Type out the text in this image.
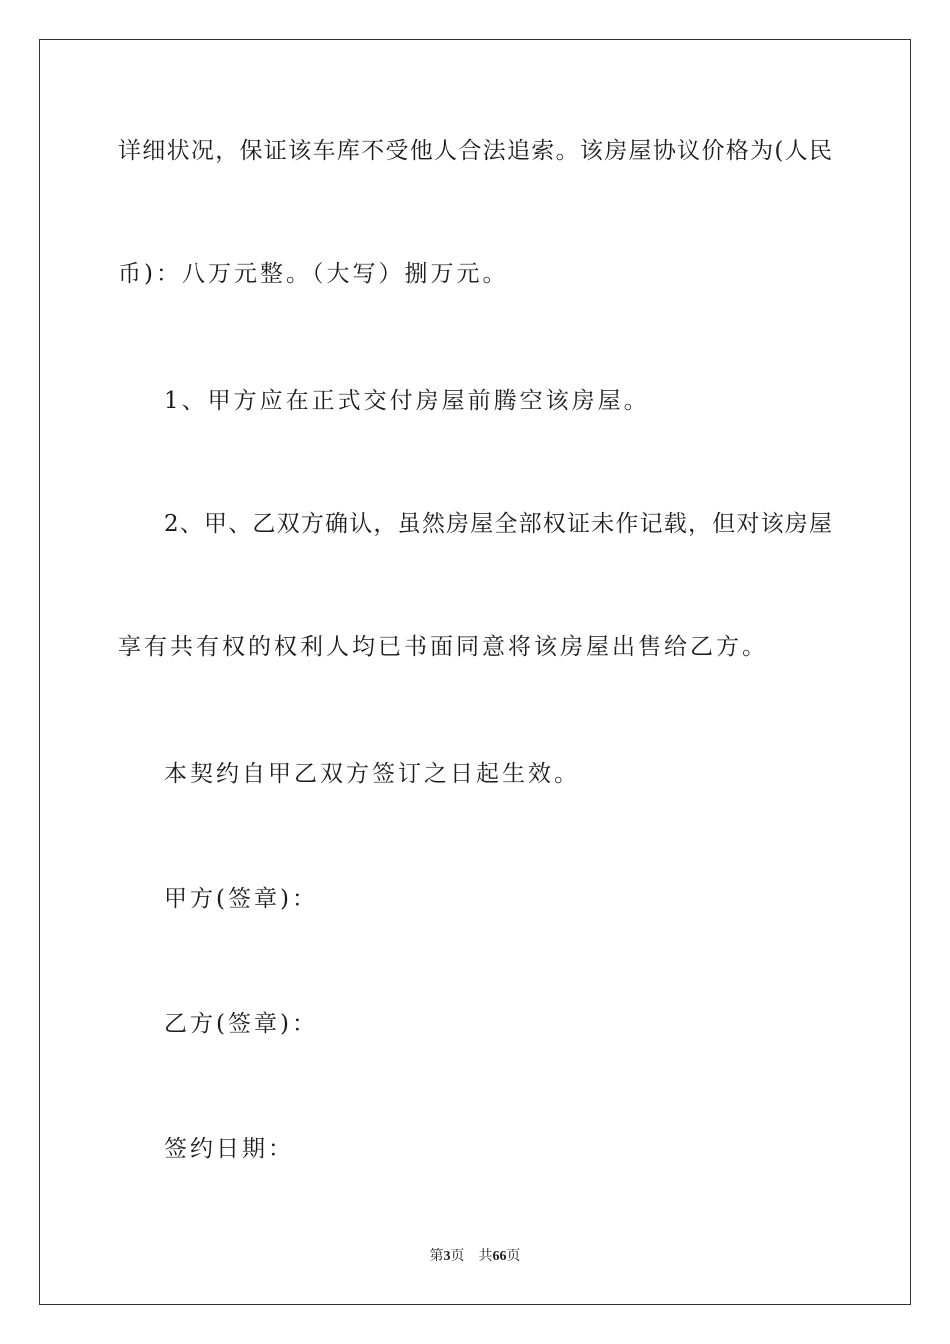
详细状况，保证该车库不受他人合法追索。该房屋协议价格为(人民
币)：八万元整。（大写）捌万元。
1、甲方应在正式交付房屋前腾空该房屋。
2、甲、乙双方确认，虽然房屋全部权证未作记载，但对该房屋
享有共有权的权利人均已书面同意将该房屋出售给乙方。
本契约自甲乙双方签订之日起生效。
甲方(签章)：
乙方(签章)：
签约日期：
第3页 共66页
